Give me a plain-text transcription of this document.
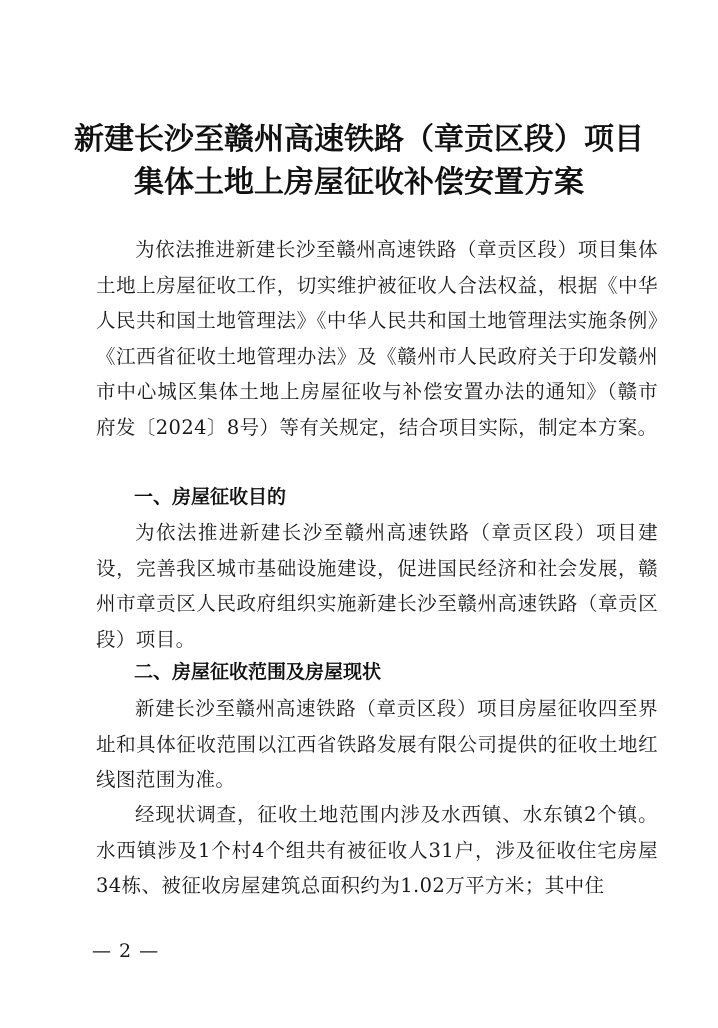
新建长沙至赣州高速铁路（章贡区段）项目
集体土地上房屋征收补偿安置方案

为依法推进新建长沙至赣州高速铁路（章贡区段）项目集体土地上房屋征收工作，切实维护被征收人合法权益，根据《中华人民共和国土地管理法》《中华人民共和国土地管理法实施条例》《江西省征收土地管理办法》及《赣州市人民政府关于印发赣州市中心城区集体土地上房屋征收与补偿安置办法的通知》（赣市府发〔2024〕8号）等有关规定，结合项目实际，制定本方案。

一、房屋征收目的

为依法推进新建长沙至赣州高速铁路（章贡区段）项目建设，完善我区城市基础设施建设，促进国民经济和社会发展，赣州市章贡区人民政府组织实施新建长沙至赣州高速铁路（章贡区段）项目。

二、房屋征收范围及房屋现状

新建长沙至赣州高速铁路（章贡区段）项目房屋征收四至界址和具体征收范围以江西省铁路发展有限公司提供的征收土地红线图范围为准。

经现状调查，征收土地范围内涉及水西镇、水东镇2个镇。水西镇涉及1个村4个组共有被征收人31户，涉及征收住宅房屋34栋、被征收房屋建筑总面积约为1.02万平方米；其中住

— 2 —
